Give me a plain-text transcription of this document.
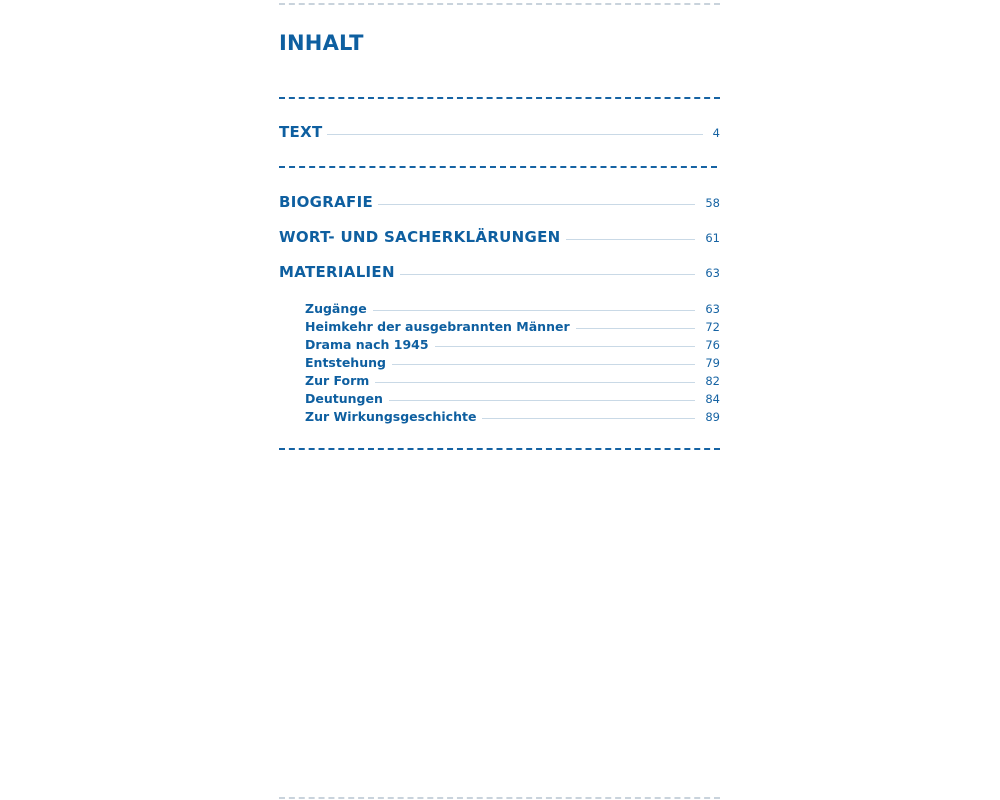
INHALT
TEXT	4
BIOGRAFIE	58
WORT- UND SACHERKLÄRUNGEN	61
MATERIALIEN	63
Zugänge	63
Heimkehr der ausgebrannten Männer	72
Drama nach 1945	76
Entstehung	79
Zur Form	82
Deutungen	84
Zur Wirkungsgeschichte	89
